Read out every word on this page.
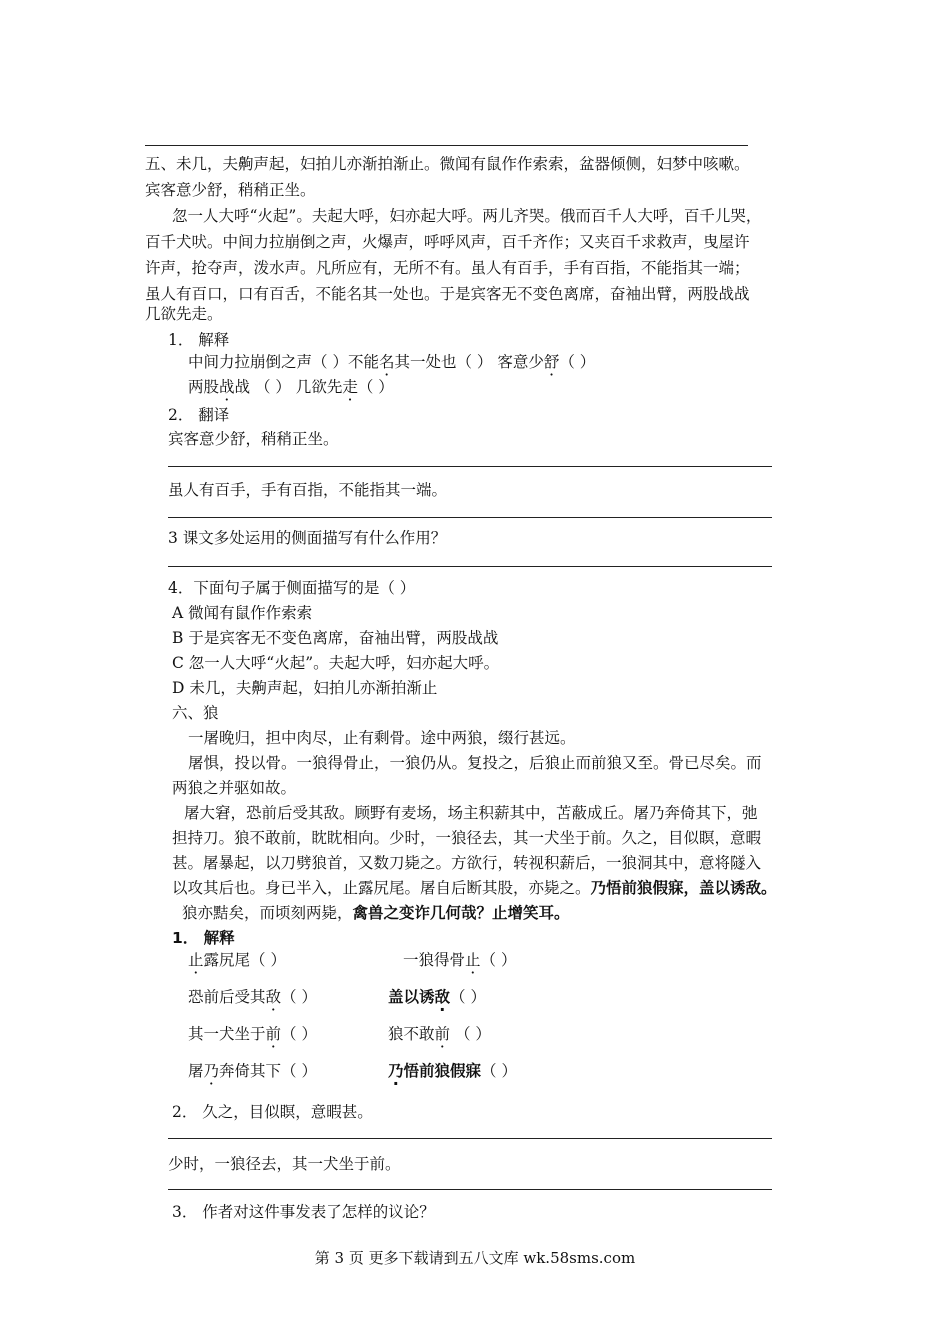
五、未几，夫齁声起，妇拍儿亦渐拍渐止。微闻有鼠作作索索，盆器倾侧，妇梦中咳嗽。
宾客意少舒，稍稍正坐。
忽一人大呼“火起”。夫起大呼，妇亦起大呼。两儿齐哭。俄而百千人大呼，百千儿哭，
百千犬吠。中间力拉崩倒之声，火爆声，呼呼风声，百千齐作；又夹百千求救声，曳屋许
许声，抢夺声，泼水声。凡所应有，无所不有。虽人有百手，手有百指，不能指其一端；
虽人有百口，口有百舌，不能名其一处也。于是宾客无不变色离席，奋袖出臂，两股战战
几欲先走。
1． 解释
中间力拉崩倒之声（ ）不能名其一处也（ ） 客意少舒（ ）
两股战战 （ ） 几欲先走（ ）
2． 翻译
宾客意少舒，稍稍正坐。
虽人有百手，手有百指，不能指其一端。
3 课文多处运用的侧面描写有什么作用？
4．下面句子属于侧面描写的是（ ）
A 微闻有鼠作作索索
B 于是宾客无不变色离席，奋袖出臂，两股战战
C 忽一人大呼“火起”。夫起大呼，妇亦起大呼。
D 未几，夫齁声起，妇拍儿亦渐拍渐止
六、狼
一屠晚归，担中肉尽，止有剩骨。途中两狼，缀行甚远。
屠惧，投以骨。一狼得骨止，一狼仍从。复投之，后狼止而前狼又至。骨已尽矣。而
两狼之并驱如故。
屠大窘，恐前后受其敌。顾野有麦场，场主积薪其中，苫蔽成丘。屠乃奔倚其下，弛
担持刀。狼不敢前，眈眈相向。少时，一狼径去，其一犬坐于前。久之，目似瞑，意暇
甚。屠暴起，以刀劈狼首，又数刀毙之。方欲行，转视积薪后，一狼洞其中，意将隧入
以攻其后也。身已半入，止露尻尾。屠自后断其股，亦毙之。乃悟前狼假寐，盖以诱敌。
狼亦黠矣，而顷刻两毙，禽兽之变诈几何哉？止增笑耳。
1． 解释
止露尻尾（ ）	一狼得骨止（ ）
恐前后受其敌（ ）	盖以诱敌（ ）
其一犬坐于前（ ）	狼不敢前 （ ）
屠乃奔倚其下（ ）	乃悟前狼假寐（ ）
2． 久之，目似瞑，意暇甚。
少时，一狼径去，其一犬坐于前。
3． 作者对这件事发表了怎样的议论？
第 3 页 更多下载请到五八文库 wk.58sms.com
